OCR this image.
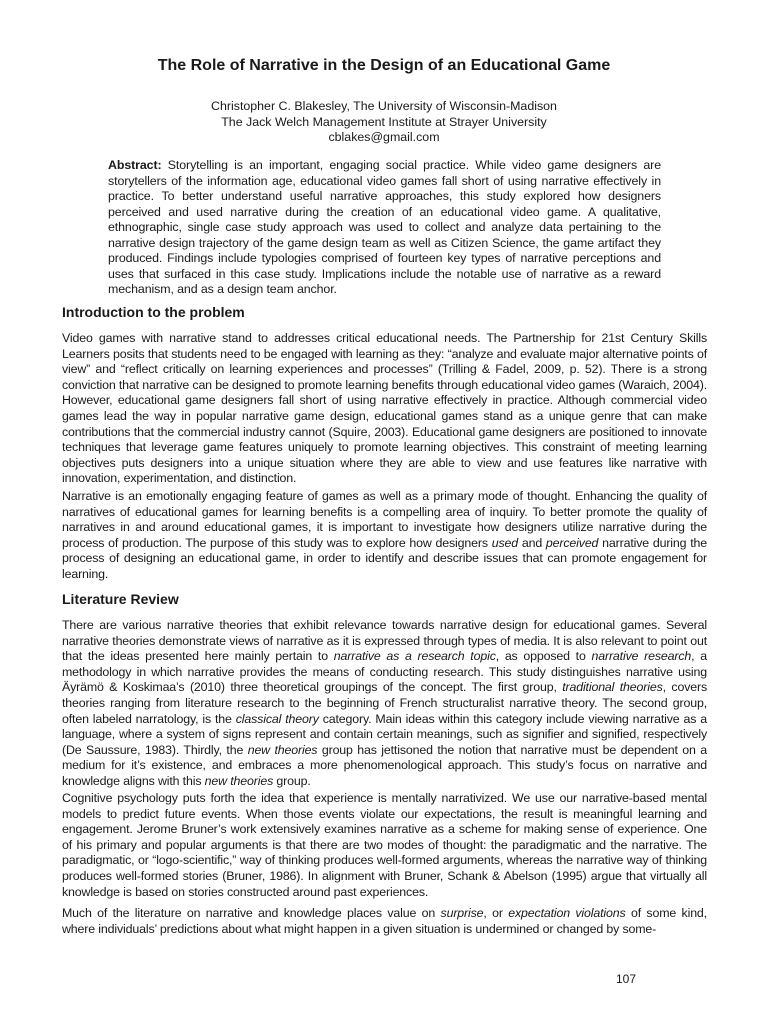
The Role of Narrative in the Design of an Educational Game
Christopher C. Blakesley, The University of Wisconsin-Madison
The Jack Welch Management Institute at Strayer University
cblakes@gmail.com
Abstract: Storytelling is an important, engaging social practice. While video game designers are storytellers of the information age, educational video games fall short of using narrative effectively in practice. To better understand useful narrative approaches, this study explored how designers perceived and used narrative during the creation of an educational video game. A qualitative, ethnographic, single case study approach was used to collect and analyze data pertaining to the narrative design trajectory of the game design team as well as Citizen Science, the game artifact they produced. Findings include typologies comprised of fourteen key types of narrative perceptions and uses that surfaced in this case study. Implications include the notable use of narrative as a reward mechanism, and as a design team anchor.
Introduction to the problem
Video games with narrative stand to addresses critical educational needs. The Partnership for 21st Century Skills Learners posits that students need to be engaged with learning as they: “analyze and evaluate major alternative points of view” and “reflect critically on learning experiences and processes” (Trilling & Fadel, 2009, p. 52). There is a strong conviction that narrative can be designed to promote learning benefits through educational video games (Waraich, 2004). However, educational game designers fall short of using narrative effectively in practice. Although commercial video games lead the way in popular narrative game design, educational games stand as a unique genre that can make contributions that the commercial industry cannot (Squire, 2003). Educational game designers are positioned to innovate techniques that leverage game features uniquely to promote learning objectives. This constraint of meeting learning objectives puts designers into a unique situation where they are able to view and use features like narrative with innovation, experimentation, and distinction.
Narrative is an emotionally engaging feature of games as well as a primary mode of thought. Enhancing the quality of narratives of educational games for learning benefits is a compelling area of inquiry. To better promote the quality of narratives in and around educational games, it is important to investigate how designers utilize narrative during the process of production. The purpose of this study was to explore how designers used and perceived narrative during the process of designing an educational game, in order to identify and describe issues that can promote engagement for learning.
Literature Review
There are various narrative theories that exhibit relevance towards narrative design for educational games. Several narrative theories demonstrate views of narrative as it is expressed through types of media. It is also relevant to point out that the ideas presented here mainly pertain to narrative as a research topic, as opposed to narrative research, a methodology in which narrative provides the means of conducting research. This study distinguishes narrative using Äyrämö & Koskimaa’s (2010) three theoretical groupings of the concept. The first group, traditional theories, covers theories ranging from literature research to the beginning of French structuralist narrative theory. The second group, often labeled narratology, is the classical theory category. Main ideas within this category include viewing narrative as a language, where a system of signs represent and contain certain meanings, such as signifier and signified, respectively (De Saussure, 1983). Thirdly, the new theories group has jettisoned the notion that narrative must be dependent on a medium for it’s existence, and embraces a more phenomenological approach. This study’s focus on narrative and knowledge aligns with this new theories group.
Cognitive psychology puts forth the idea that experience is mentally narrativized. We use our narrative-based mental models to predict future events. When those events violate our expectations, the result is meaningful learning and engagement. Jerome Bruner’s work extensively examines narrative as a scheme for making sense of experience. One of his primary and popular arguments is that there are two modes of thought: the paradigmatic and the narrative. The paradigmatic, or “logo-scientific,” way of thinking produces well-formed arguments, whereas the narrative way of thinking produces well-formed stories (Bruner, 1986). In alignment with Bruner, Schank & Abelson (1995) argue that virtually all knowledge is based on stories constructed around past experiences.
Much of the literature on narrative and knowledge places value on surprise, or expectation violations of some kind, where individuals’ predictions about what might happen in a given situation is undermined or changed by some-
107
